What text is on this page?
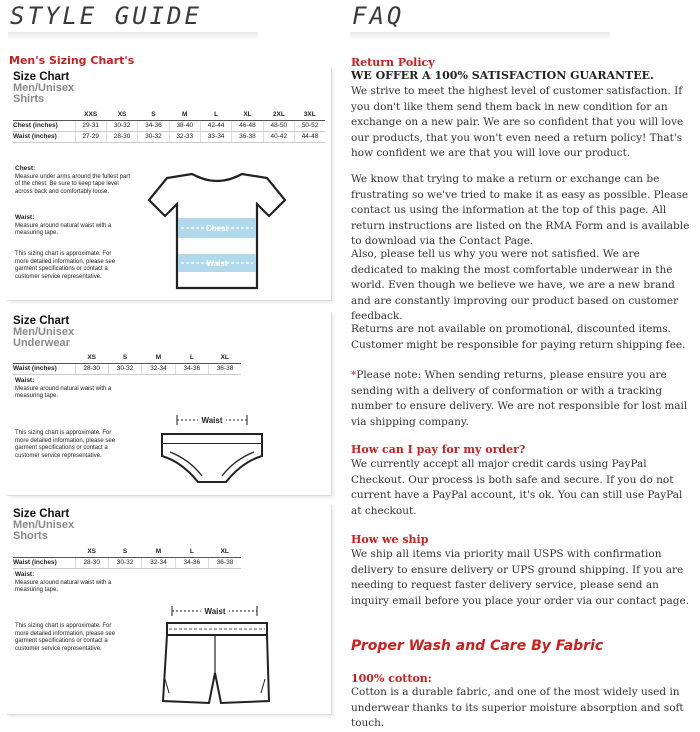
STYLE GUIDE	FAQ
Men's Sizing Chart's
Size Chart
Men/Unisex
Shirts
	XXS	XS	S	M	L	XL	2XL	3XL
Chest (inches)	29-31	30-32	34-36	38-40	42-44	46-48	48-50	50-52
Waist (inches)	27-29	28-30	30-32	32-33	33-34	36-38	40-42	44-48
Chest:
Measure under arms around the fullest part of the chest. Be sure to keep tape level across back and comfortably loose.
Waist:
Measure around natural waist with a measuring tape.
This sizing chart is approximate. For more detailed information, please see garment specifications or contact a customer service representative.
Chest
Waist
Size Chart
Men/Unisex
Underwear
	XS	S	M	L	XL
Waist (inches)	28-30	30-32	32-34	34-36	36-38
Waist:
Measure around natural waist with a measuring tape.
This sizing chart is approximate. For more detailed information, please see garment specifications or contact a customer service representative.
Waist
Size Chart
Men/Unisex
Shorts
	XS	S	M	L	XL
Waist (inches)	28-30	30-32	32-34	34-36	36-38
Waist:
Measure around natural waist with a measuring tape.
This sizing chart is approximate. For more detailed information, please see garment specifications or contact a customer service representative.
Waist
Return Policy
WE OFFER A 100% SATISFACTION GUARANTEE.
We strive to meet the highest level of customer satisfaction. If you don't like them send them back in new condition for an exchange on a new pair. We are so confident that you will love our products, that you won't even need a return policy! That's how confident we are that you will love our product.
We know that trying to make a return or exchange can be frustrating so we've tried to make it as easy as possible. Please contact us using the information at the top of this page. All return instructions are listed on the RMA Form and is available to download via the Contact Page.
Also, please tell us why you were not satisfied. We are dedicated to making the most comfortable underwear in the world. Even though we believe we have, we are a new brand and are constantly improving our product based on customer feedback.
Returns are not available on promotional, discounted items. Customer might be responsible for paying return shipping fee.
*Please note: When sending returns, please ensure you are sending with a delivery of conformation or with a tracking number to ensure delivery. We are not responsible for lost mail via shipping company.
How can I pay for my order?
We currently accept all major credit cards using PayPal Checkout. Our process is both safe and secure. If you do not current have a PayPal account, it's ok. You can still use PayPal at checkout.
How we ship
We ship all items via priority mail USPS with confirmation delivery to ensure delivery or UPS ground shipping. If you are needing to request faster delivery service, please send an inquiry email before you place your order via our contact page.
Proper Wash and Care By Fabric
100% cotton:
Cotton is a durable fabric, and one of the most widely used in underwear thanks to its superior moisture absorption and soft touch.
